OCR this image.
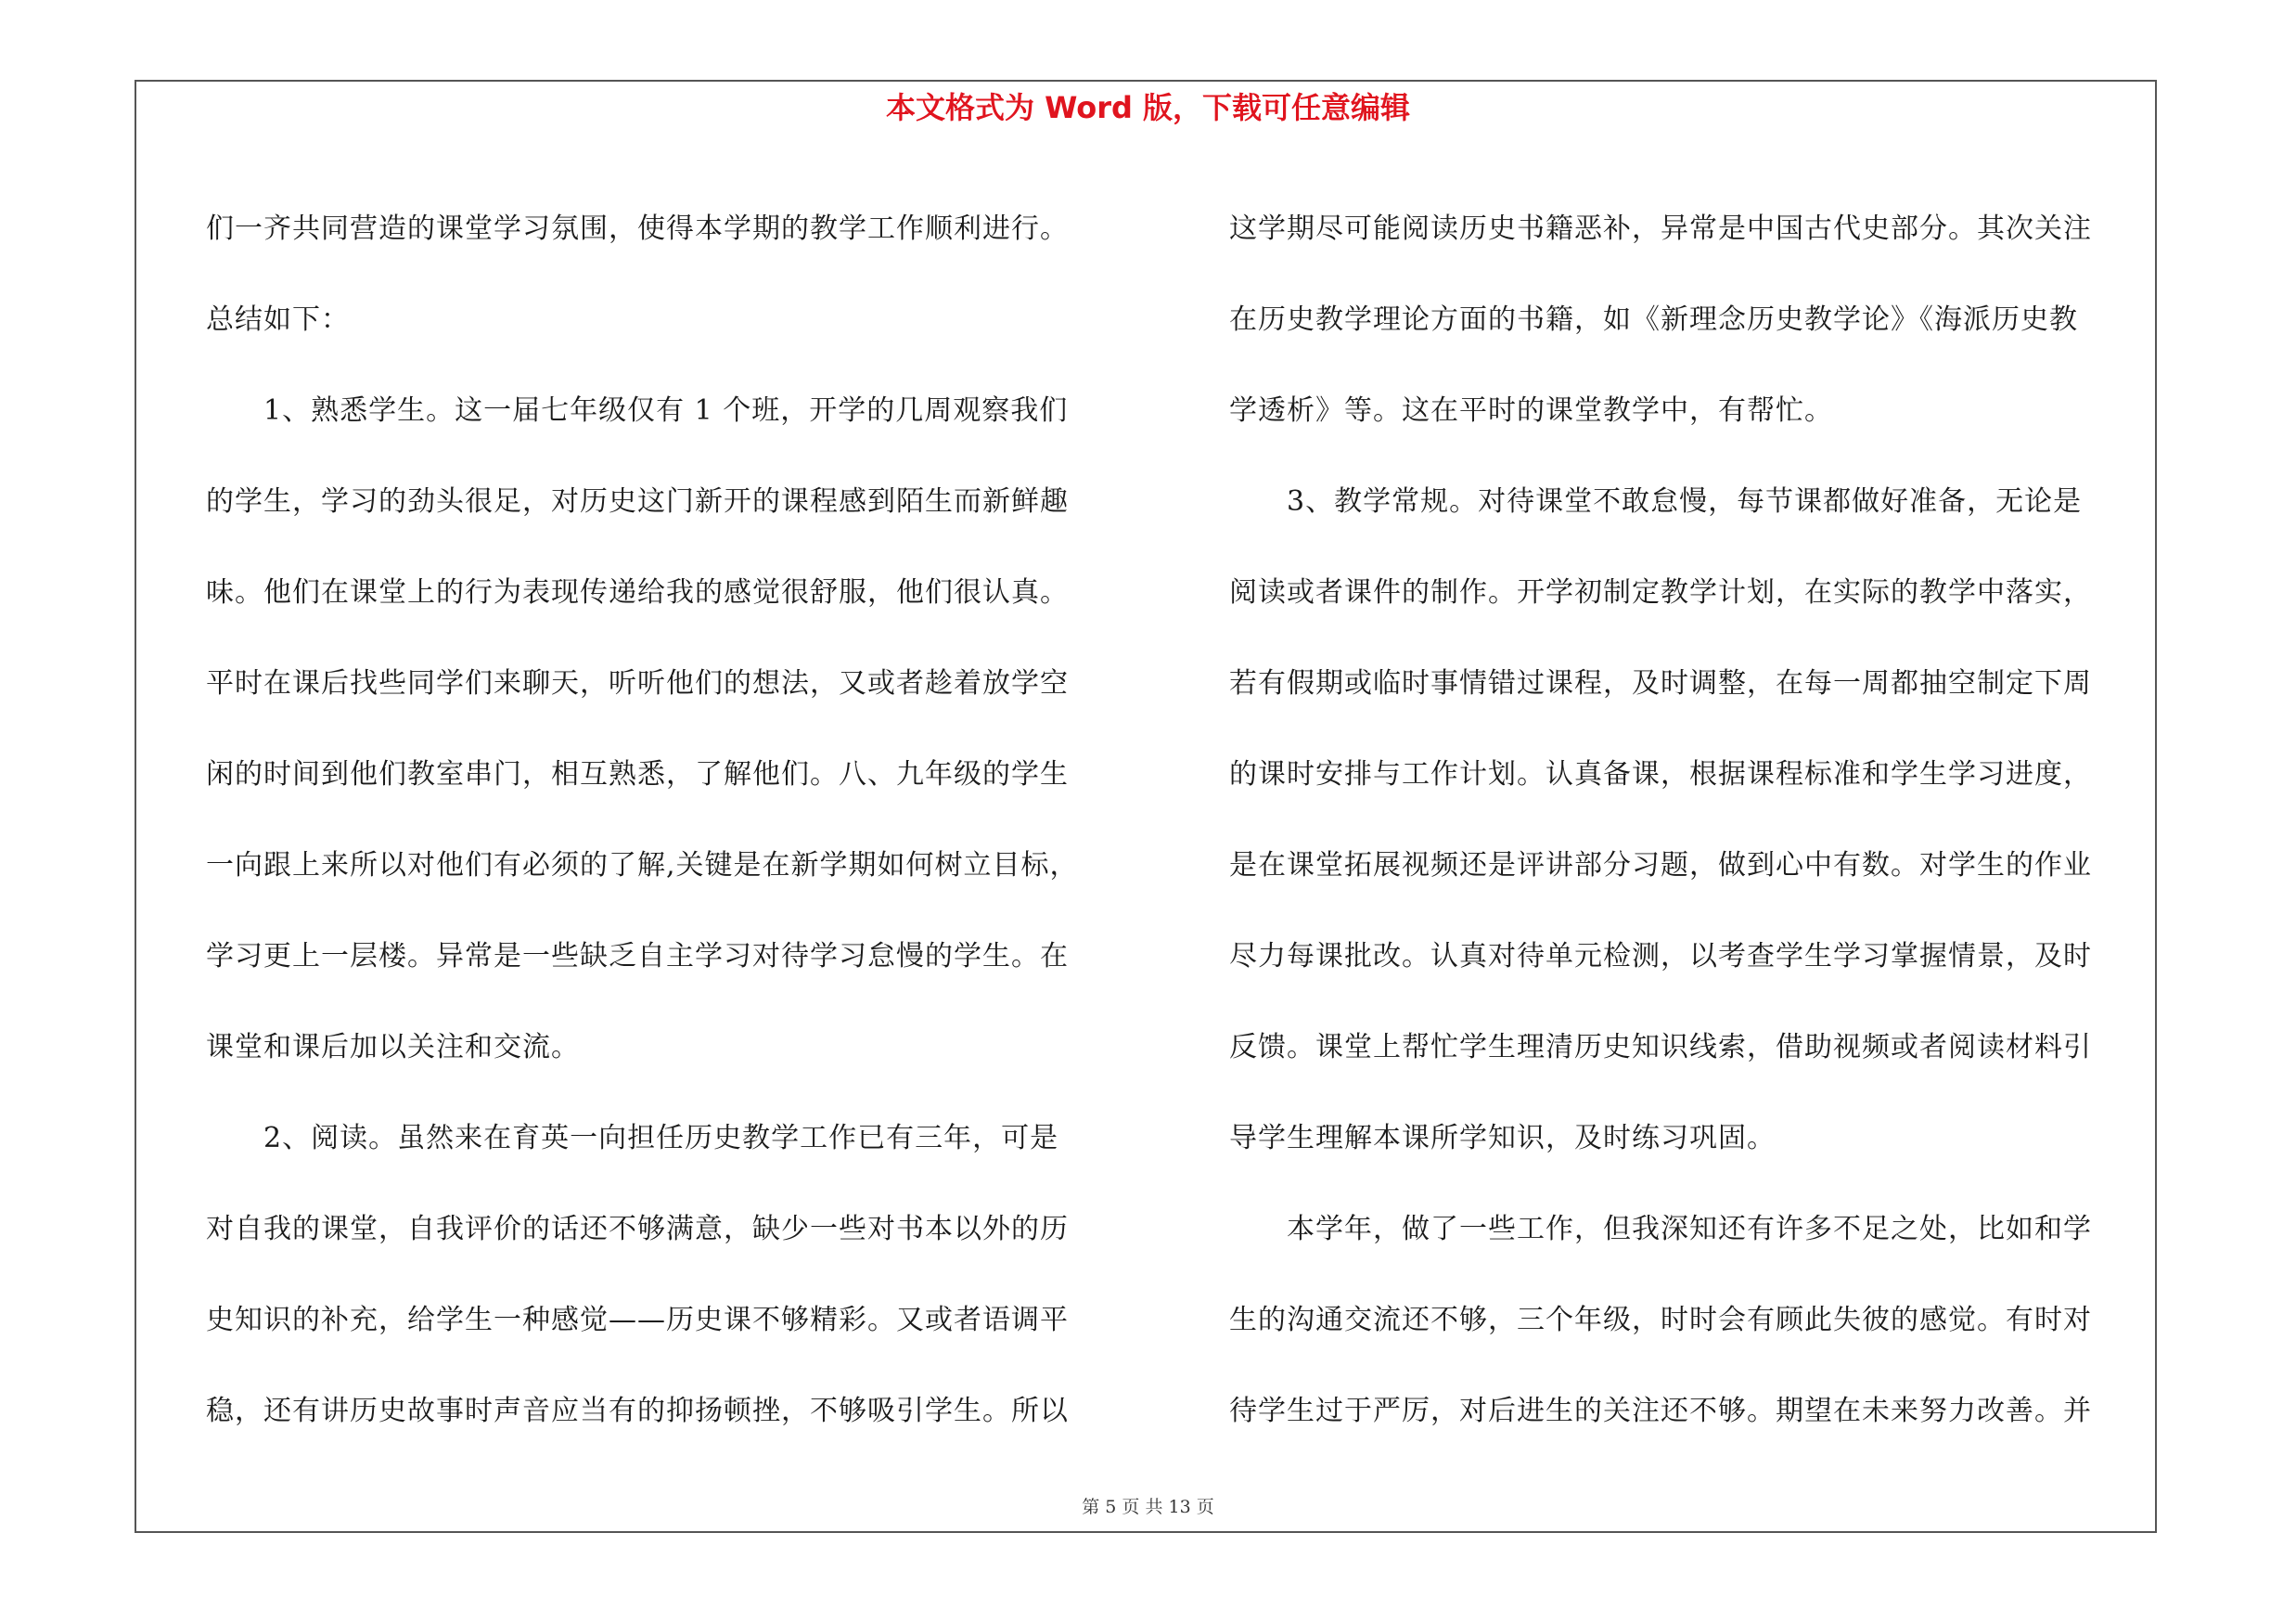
本文格式为 Word 版，下载可任意编辑
们一齐共同营造的课堂学习氛围，使得本学期的教学工作顺利进行。
总结如下：
1、熟悉学生。这一届七年级仅有 1 个班，开学的几周观察我们
的学生，学习的劲头很足，对历史这门新开的课程感到陌生而新鲜趣
味。他们在课堂上的行为表现传递给我的感觉很舒服，他们很认真。
平时在课后找些同学们来聊天，听听他们的想法，又或者趁着放学空
闲的时间到他们教室串门，相互熟悉，了解他们。八、九年级的学生
一向跟上来所以对他们有必须的了解,关键是在新学期如何树立目标，
学习更上一层楼。异常是一些缺乏自主学习对待学习怠慢的学生。在
课堂和课后加以关注和交流。
2、阅读。虽然来在育英一向担任历史教学工作已有三年，可是
对自我的课堂，自我评价的话还不够满意，缺少一些对书本以外的历
史知识的补充，给学生一种感觉——历史课不够精彩。又或者语调平
稳，还有讲历史故事时声音应当有的抑扬顿挫，不够吸引学生。所以
这学期尽可能阅读历史书籍恶补，异常是中国古代史部分。其次关注
在历史教学理论方面的书籍，如《新理念历史教学论》《海派历史教
学透析》等。这在平时的课堂教学中，有帮忙。
3、教学常规。对待课堂不敢怠慢，每节课都做好准备，无论是
阅读或者课件的制作。开学初制定教学计划，在实际的教学中落实，
若有假期或临时事情错过课程，及时调整，在每一周都抽空制定下周
的课时安排与工作计划。认真备课，根据课程标准和学生学习进度，
是在课堂拓展视频还是评讲部分习题，做到心中有数。对学生的作业
尽力每课批改。认真对待单元检测，以考查学生学习掌握情景，及时
反馈。课堂上帮忙学生理清历史知识线索，借助视频或者阅读材料引
导学生理解本课所学知识，及时练习巩固。
本学年，做了一些工作，但我深知还有许多不足之处，比如和学
生的沟通交流还不够，三个年级，时时会有顾此失彼的感觉。有时对
待学生过于严厉，对后进生的关注还不够。期望在未来努力改善。并
第 5 页 共 13 页
